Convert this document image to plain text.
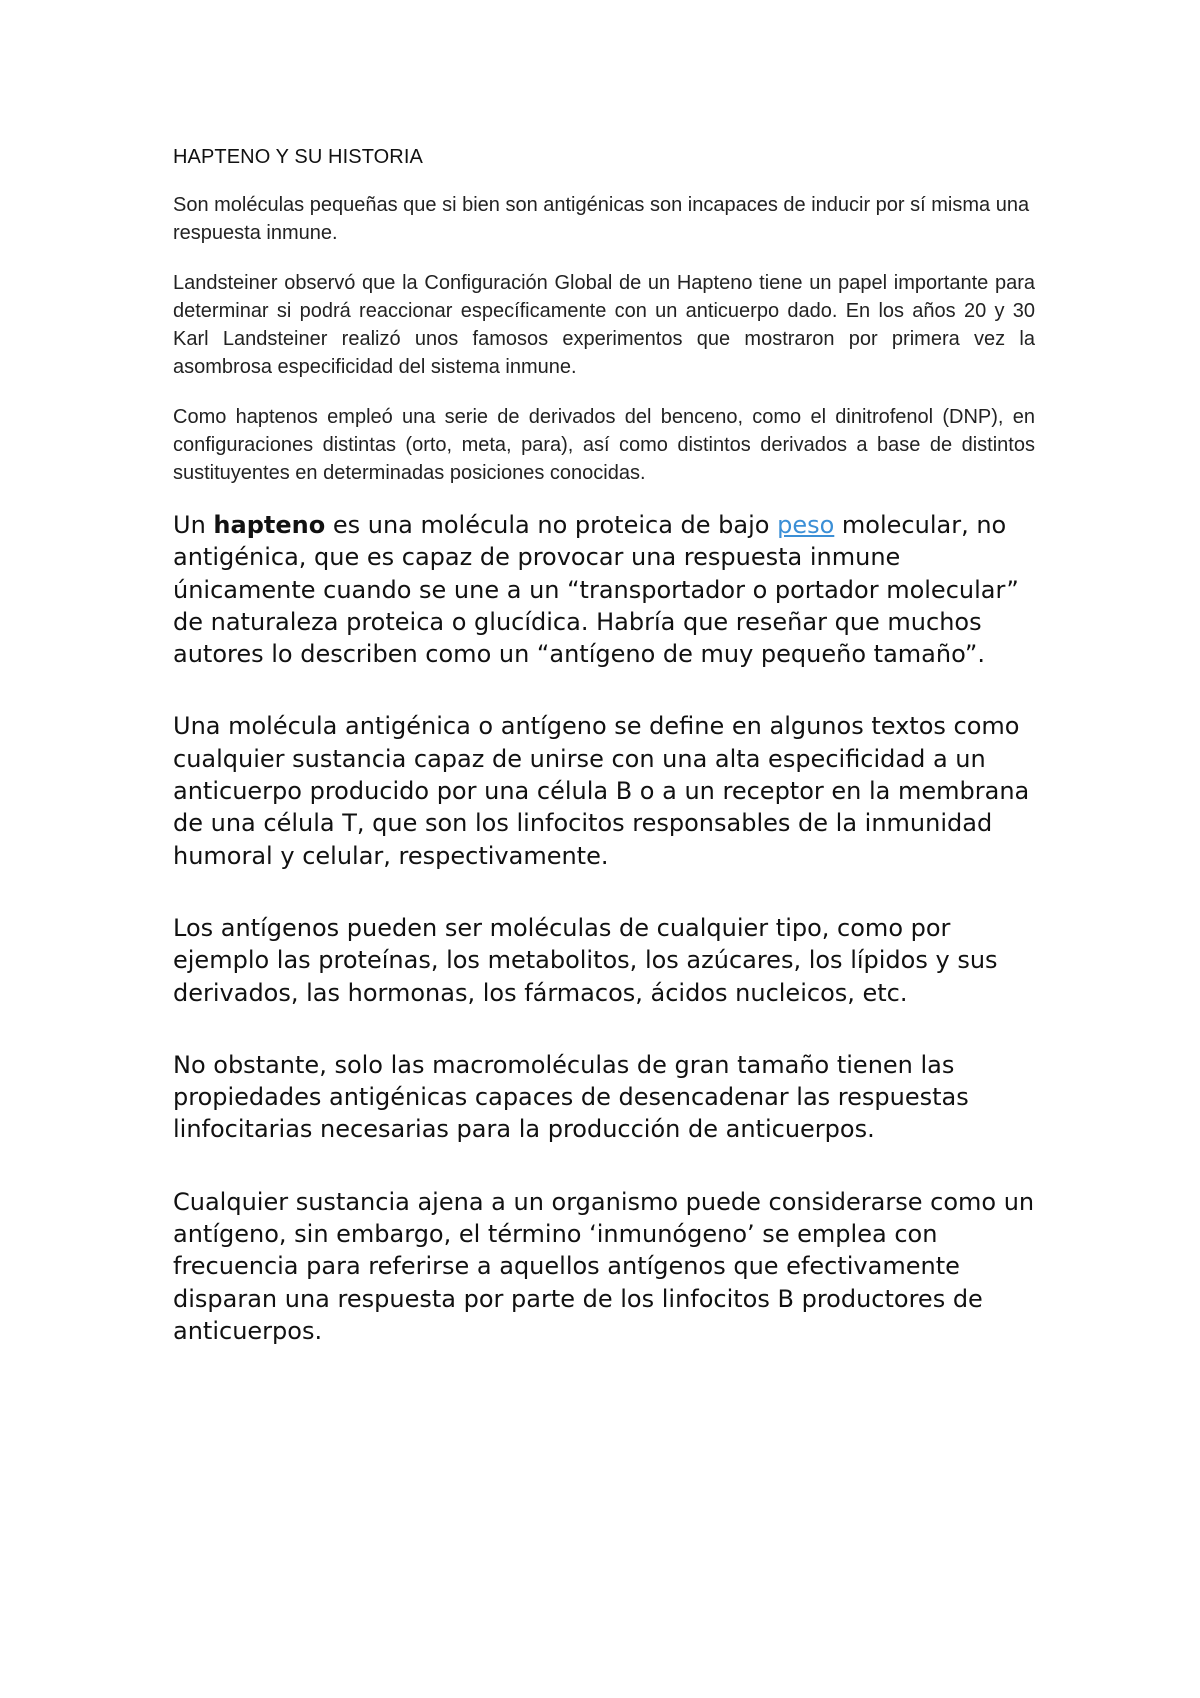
HAPTENO Y SU HISTORIA

Son moléculas pequeñas que si bien son antigénicas son incapaces de inducir por sí misma una respuesta inmune.

Landsteiner observó que la Configuración Global de un Hapteno tiene un papel importante para determinar si podrá reaccionar específicamente con un anticuerpo dado. En los años 20 y 30 Karl Landsteiner realizó unos famosos experimentos que mostraron por primera vez la asombrosa especificidad del sistema inmune.

Como haptenos empleó una serie de derivados del benceno, como el dinitrofenol (DNP), en configuraciones distintas (orto, meta, para), así como distintos derivados a base de distintos sustituyentes en determinadas posiciones conocidas.

Un hapteno es una molécula no proteica de bajo peso molecular, no antigénica, que es capaz de provocar una respuesta inmune únicamente cuando se une a un “transportador o portador molecular” de naturaleza proteica o glucídica. Habría que reseñar que muchos autores lo describen como un “antígeno de muy pequeño tamaño”.

Una molécula antigénica o antígeno se define en algunos textos como cualquier sustancia capaz de unirse con una alta especificidad a un anticuerpo producido por una célula B o a un receptor en la membrana de una célula T, que son los linfocitos responsables de la inmunidad humoral y celular, respectivamente.

Los antígenos pueden ser moléculas de cualquier tipo, como por ejemplo las proteínas, los metabolitos, los azúcares, los lípidos y sus derivados, las hormonas, los fármacos, ácidos nucleicos, etc.

No obstante, solo las macromoléculas de gran tamaño tienen las propiedades antigénicas capaces de desencadenar las respuestas linfocitarias necesarias para la producción de anticuerpos.

Cualquier sustancia ajena a un organismo puede considerarse como un antígeno, sin embargo, el término ‘inmunógeno’ se emplea con frecuencia para referirse a aquellos antígenos que efectivamente disparan una respuesta por parte de los linfocitos B productores de anticuerpos.
